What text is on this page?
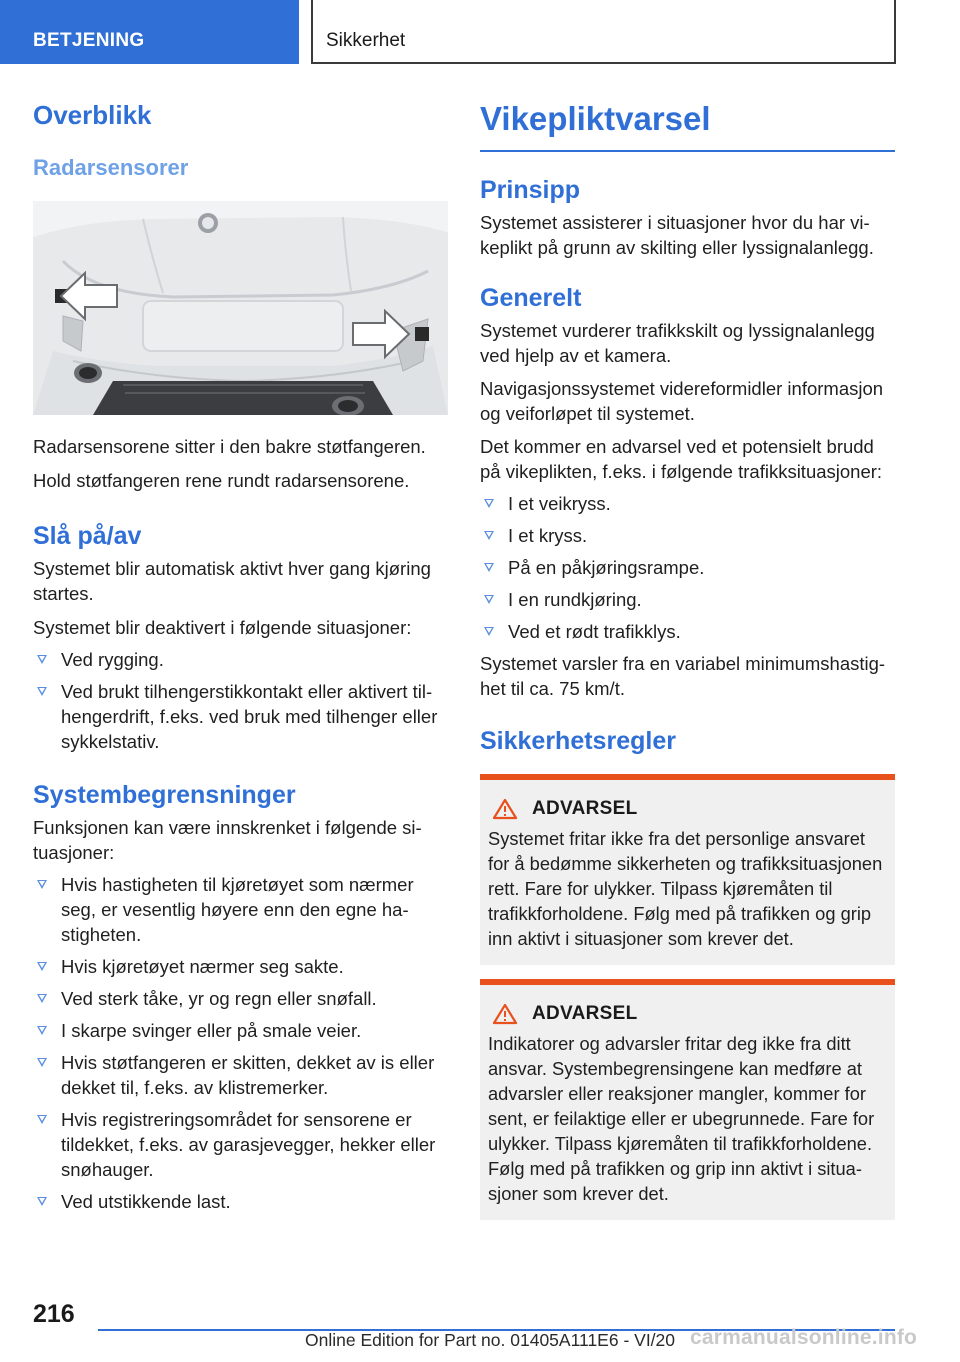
BETJENING	Sikkerhet
Overblikk
Radarsensorer

Radarsensorene sitter i den bakre støtfangeren.

Hold støtfangeren rene rundt radarsensorene.

Slå på/av

Systemet blir automatisk aktivt hver gang kjøring startes.

Systemet blir deaktivert i følgende situasjoner:

Ved rygging.
Ved brukt tilhengerstikkontakt eller aktivert tilhengerdrift, f.eks. ved bruk med tilhenger eller sykkelstativ.
Systembegrensninger

Funksjonen kan være innskrenket i følgende situasjoner:

Hvis hastigheten til kjøretøyet som nærmer seg, er vesentlig høyere enn den egne hastigheten.
Hvis kjøretøyet nærmer seg sakte.
Ved sterk tåke, yr og regn eller snøfall.
I skarpe svinger eller på smale veier.
Hvis støtfangeren er skitten, dekket av is eller dekket til, f.eks. av klistremerker.
Hvis registreringsområdet for sensorene er tildekket, f.eks. av garasjevegger, hekker eller snøhauger.
Ved utstikkende last.
Vikepliktvarsel
Prinsipp

Systemet assisterer i situasjoner hvor du har vikeplikt på grunn av skilting eller lyssignalanlegg.

Generelt

Systemet vurderer trafikkskilt og lyssignalanlegg ved hjelp av et kamera.

Navigasjonssystemet videreformidler informasjon og veiforløpet til systemet.

Det kommer en advarsel ved et potensielt brudd på vikeplikten, f.eks. i følgende trafikksituasjoner:

I et veikryss.
I et kryss.
På en påkjøringsrampe.
I en rundkjøring.
Ved et rødt trafikklys.

Systemet varsler fra en variabel minimumshastighet til ca. 75 km/t.

Sikkerhetsregler
ADVARSEL

Systemet fritar ikke fra det personlige ansvaret for å bedømme sikkerheten og trafikksituasjonen rett. Fare for ulykker. Tilpass kjøremåten til trafikkforholdene. Følg med på trafikken og grip inn aktivt i situasjoner som krever det.

ADVARSEL

Indikatorer og advarsler fritar deg ikke fra ditt ansvar. Systembegrensingene kan medføre at advarsler eller reaksjoner mangler, kommer for sent, er feilaktige eller er ubegrunnede. Fare for ulykker. Tilpass kjøremåten til trafikkforholdene. Følg med på trafikken og grip inn aktivt i situasjoner som krever det.

216
Online Edition for Part no. 01405A111E6 - VI/20 carmanualsonline.info
